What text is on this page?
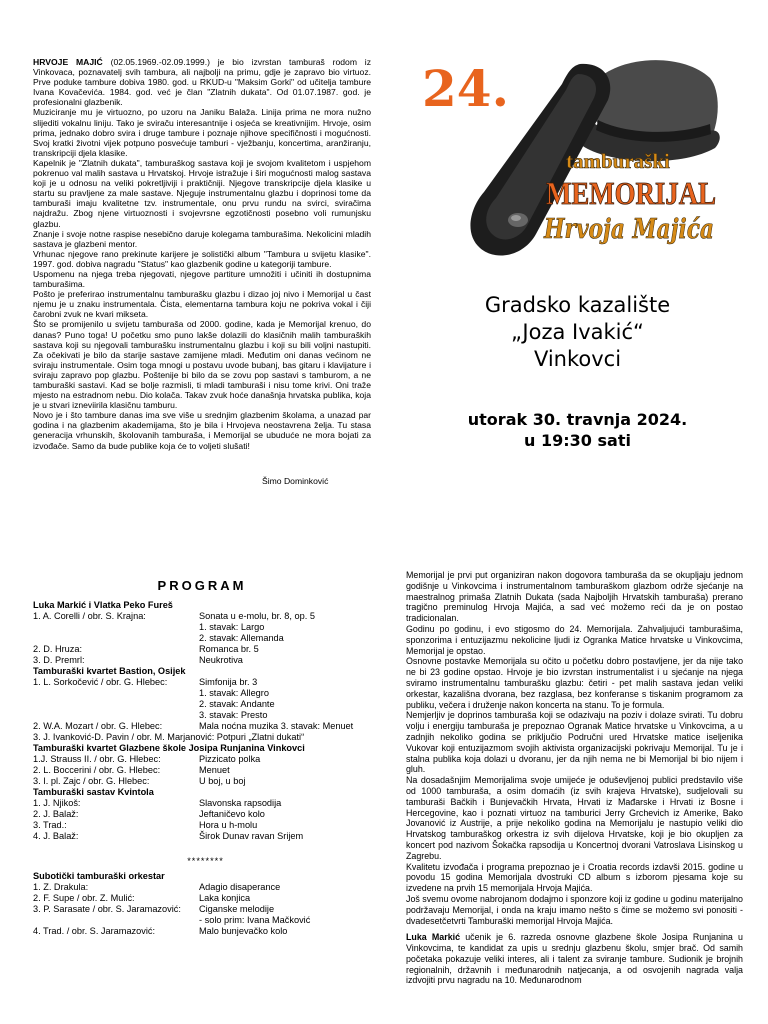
HRVOJE MAJIĆ (02.05.1969.-02.09.1999.) je bio izvrstan tamburaš rodom iz Vinkovaca, poznavatelj svih tambura, ali najbolji na primu, gdje je zapravo bio virtuoz. Prve poduke tambure dobiva 1980. god. u RKUD-u "Maksim Gorki" od učitelja tambure Ivana Kovačevića. 1984. god. već je član "Zlatnih dukata". Od 01.07.1987. god. je profesionalni glazbenik.

Muziciranje mu je virtuozno, po uzoru na Janiku Balaža. Linija prima ne mora nužno slijediti vokalnu liniju. Tako je sviraču interesantnije i osjeća se kreativnijim. Hrvoje, osim prima, jednako dobro svira i druge tambure i poznaje njihove specifičnosti i mogućnosti. Svoj kratki životni vijek potpuno posvećuje tamburi - vježbanju, koncertima, aranžiranju, transkripciji djela klasike.

Kapelnik je "Zlatnih dukata", tamburaškog sastava koji je svojom kvalitetom i uspjehom pokrenuo val malih sastava u Hrvatskoj. Hrvoje istražuje i širi mogućnosti malog sastava koji je u odnosu na veliki pokretljiviji i praktičniji. Njegove transkripcije djela klasike u startu su pravljene za male sastave. Njeguje instrumentalnu glazbu i doprinosi tome da tamburaši imaju kvalitetne tzv. instrumentale, onu prvu rundu na svirci, sviračima najdražu. Zbog njene virtuoznosti i svojevrsne egzotičnosti posebno voli rumunjsku glazbu.

Znanje i svoje notne raspise nesebično daruje kolegama tamburašima. Nekolicini mladih sastava je glazbeni mentor.

Vrhunac njegove rano prekinute karijere je solistički album "Tambura u svijetu klasike". 1997. god. dobiva nagradu "Status" kao glazbenik godine u kategoriji tambure.

Uspomenu na njega treba njegovati, njegove partiture umnožiti i učiniti ih dostupnima tamburašima.

Pošto je preferirao instrumentalnu tamburašku glazbu i dizao joj nivo i Memorijal u čast njemu je u znaku instrumentala. Čista, elementarna tambura koju ne pokriva vokal i čiji čarobni zvuk ne kvari mikseta.

Što se promijenilo u svijetu tamburaša od 2000. godine, kada je Memorijal krenuo, do danas? Puno toga! U početku smo puno lakše dolazili do klasičnih malih tamburaških sastava koji su njegovali tamburašku instrumentalnu glazbu i koji su bili voljni nastupiti. Za očekivati je bilo da starije sastave zamijene mladi. Međutim oni danas većinom ne sviraju instrumentale. Osim toga mnogi u postavu uvode bubanj, bas gitaru i klavijature i sviraju zapravo pop glazbu. Poštenije bi bilo da se zovu pop sastavi s tamburom, a ne tamburaški sastavi. Kad se bolje razmisli, ti mladi tamburaši i nisu tome krivi. Oni traže mjesto na estradnom nebu. Dio kolača. Takav zvuk hoće današnja hrvatska publika, koja je u stvari izneviirila klasičnu tamburu.

Novo je i što tambure danas ima sve više u srednjim glazbenim školama, a unazad par godina i na glazbenim akademijama, što je bila i Hrvojeva neostavrena želja. Tu stasa generacija vrhunskih, školovanih tamburaša, i Memorijal se ubuduće ne mora bojati za izvođače. Samo da bude publike koja će to voljeti slušati!

Šimo Dominković
24.
tamburaški
MEMORIJAL
Hrvoja Majića
Gradsko kazalište
„Joza Ivakić“
Vinkovci
utorak 30. travnja 2024.
u 19:30 sati
PROGRAM
Luka Markić i Vlatka Peko Fureš
1. A. Corelli / obr. S. Krajna:	Sonata u e-molu, br. 8, op. 5
1. stavak: Largo
2. stavak: Allemanda
2. D. Hruza:	Romanca br. 5
3. D. Premrl:	Neukrotiva
Tamburaški kvartet Bastion, Osijek
1. L. Sorkočević / obr. G. Hlebec:	Simfonija br. 3
1. stavak: Allegro
2. stavak: Andante
3. stavak: Presto
2. W.A. Mozart / obr. G. Hlebec:	Mala noćna muzika 3. stavak: Menuet
3. J. Ivanković-D. Pavin / obr. M. Marjanović: Potpuri „Zlatni dukati“
Tamburaški kvartet Glazbene škole Josipa Runjanina Vinkovci
1.J. Strauss II. / obr. G. Hlebec:	Pizzicato polka
2. L. Boccerini / obr. G. Hlebec:	Menuet
3. I. pl. Zajc / obr. G. Hlebec:	U boj, u boj
Tamburaški sastav Kvintola
1. J. Njikoš:	Slavonska rapsodija
2. J. Balaž:	Jeftaničevo kolo
3. Trad.:	Hora u h-molu
4. J. Balaž:	Širok Dunav ravan Srijem
********
Subotički tamburaški orkestar
1. Z. Drakula:	Adagio disaperance
2. F. Supe / obr. Z. Mulić:	Laka konjica
3. P. Sarasate / obr. S. Jaramazović:	Ciganske melodije
- solo prim: Ivana Mačković
4. Trad. / obr. S. Jaramazović:	Malo bunjevačko kolo

Memorijal je prvi put organiziran nakon dogovora tamburaša da se okupljaju jednom godišnje u Vinkovcima i instrumentalnom tamburaškom glazbom održe sjećanje na maestralnog primaša Zlatnih Dukata (sada Najboljih Hrvatskih tamburaša) prerano tragično preminulog Hrvoja Majića, a sad već možemo reći da je on postao tradicionalan.

Godinu po godinu, i evo stigosmo do 24. Memorijala. Zahvaljujući tamburašima, sponzorima i entuzijazmu nekolicine ljudi iz Ogranka Matice hrvatske u Vinkovcima, Memorijal je opstao.

Osnovne postavke Memorijala su očito u početku dobro postavljene, jer da nije tako ne bi 23 godine opstao. Hrvoje je bio izvrstan instrumentalist i u sjećanje na njega sviramo instrumentalnu tamburašku glazbu: četiri - pet malih sastava jedan veliki orkestar, kazališna dvorana, bez razglasa, bez konferanse s tiskanim programom za publiku, večera i druženje nakon koncerta na stanu. To je formula.

Nemjerljiv je doprinos tamburaša koji se odazivaju na poziv i dolaze svirati. Tu dobru volju i energiju tamburaša je prepoznao Ogranak Matice hrvatske u Vinkovcima, a u zadnjih nekoliko godina se priključio Područni ured Hrvatske matice iseljenika Vukovar koji entuzijazmom svojih aktivista organizacijski pokrivaju Memorijal. Tu je i stalna publika koja dolazi u dvoranu, jer da njih nema ne bi Memorijal bi bio nijem i gluh.

Na dosadašnjim Memorijalima svoje umijeće je oduševljenoj publici predstavilo više od 1000 tamburaša, a osim domaćih (iz svih krajeva Hrvatske), sudjelovali su tamburaši Bačkih i Bunjevačkih Hrvata, Hrvati iz Mađarske i Hrvati iz Bosne i Hercegovine, kao i poznati virtuoz na tamburici Jerry Grchevich iz Amerike, Bako Jovanović iz Austrije, a prije nekoliko godina na Memorijalu je nastupio veliki dio Hrvatskog tamburaškog orkestra iz svih dijelova Hrvatske, koji je bio okupljen za koncert pod nazivom Šokačka rapsodija u Koncertnoj dvorani Vatroslava Lisinskog u Zagrebu.

Kvalitetu izvođača i programa prepoznao je i Croatia records izdavši 2015. godine u povodu 15 godina Memorijala dvostruki CD album s izborom pjesama koje su izvedene na prvih 15 memorijala Hrvoja Majića.

Još svemu ovome nabrojanom dodajmo i sponzore koji iz godine u godinu materijalno podržavaju Memorijal, i onda na kraju imamo nešto s čime se možemo svi ponositi - dvadesetčetvrti Tamburaški memorijal Hrvoja Majića.

Luka Markić učenik je 6. razreda osnovne glazbene škole Josipa Runjanina u Vinkovcima, te kandidat za upis u srednju glazbenu školu, smjer brač. Od samih početaka pokazuje veliki interes, ali i talent za sviranje tambure. Sudionik je brojnih regionalnih, državnih i međunarodnih natjecanja, a od osvojenih nagrada valja izdvojiti prvu nagradu na 10. Međunarodnom
